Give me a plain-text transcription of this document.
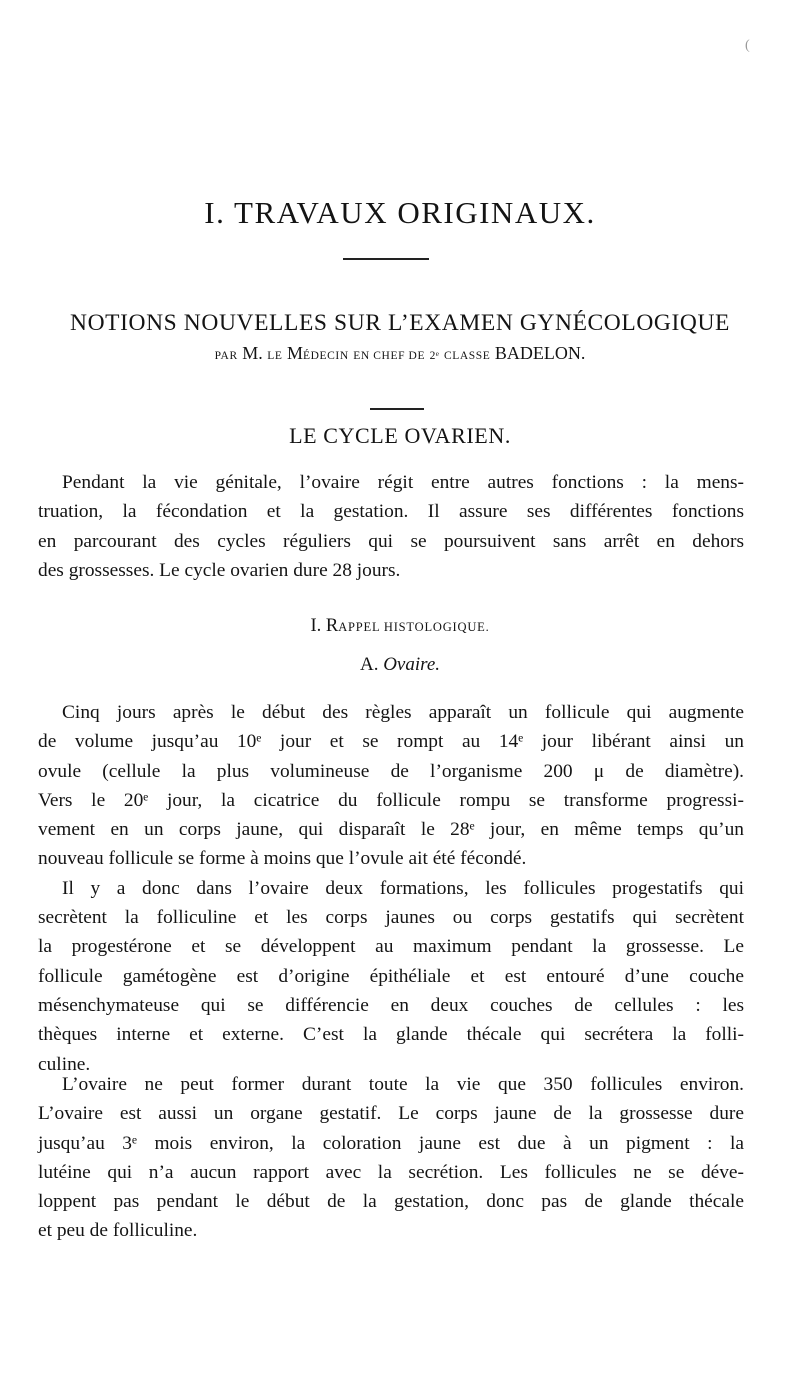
(
I. TRAVAUX ORIGINAUX.
NOTIONS NOUVELLES SUR L’EXAMEN GYNÉCOLOGIQUE
PAR M. LE MÉDECIN EN CHEF DE 2ᵉ CLASSE BADELON.
LE CYCLE OVARIEN.
Pendant la vie génitale, l’ovaire régit entre autres fonctions : la mens-
truation, la fécondation et la gestation. Il assure ses différentes fonctions
en parcourant des cycles réguliers qui se poursuivent sans arrêt en dehors
des grossesses. Le cycle ovarien dure 28 jours.
I. RAPPEL HISTOLOGIQUE.
A. Ovaire.
Cinq jours après le début des règles apparaît un follicule qui augmente
de volume jusqu’au 10ᵉ jour et se rompt au 14ᵉ jour libérant ainsi un
ovule (cellule la plus volumineuse de l’organisme 200 μ de diamètre).
Vers le 20ᵉ jour, la cicatrice du follicule rompu se transforme progressi-
vement en un corps jaune, qui disparaît le 28ᵉ jour, en même temps qu’un
nouveau follicule se forme à moins que l’ovule ait été fécondé.
Il y a donc dans l’ovaire deux formations, les follicules progestatifs qui
secrètent la folliculine et les corps jaunes ou corps gestatifs qui secrètent
la progestérone et se développent au maximum pendant la grossesse. Le
follicule gamétogène est d’origine épithéliale et est entouré d’une couche
mésenchymateuse qui se différencie en deux couches de cellules : les
thèques interne et externe. C’est la glande thécale qui secrétera la folli-
culine.
L’ovaire ne peut former durant toute la vie que 350 follicules environ.
L’ovaire est aussi un organe gestatif. Le corps jaune de la grossesse dure
jusqu’au 3ᵉ mois environ, la coloration jaune est due à un pigment : la
lutéine qui n’a aucun rapport avec la secrétion. Les follicules ne se déve-
loppent pas pendant le début de la gestation, donc pas de glande thécale
et peu de folliculine.
